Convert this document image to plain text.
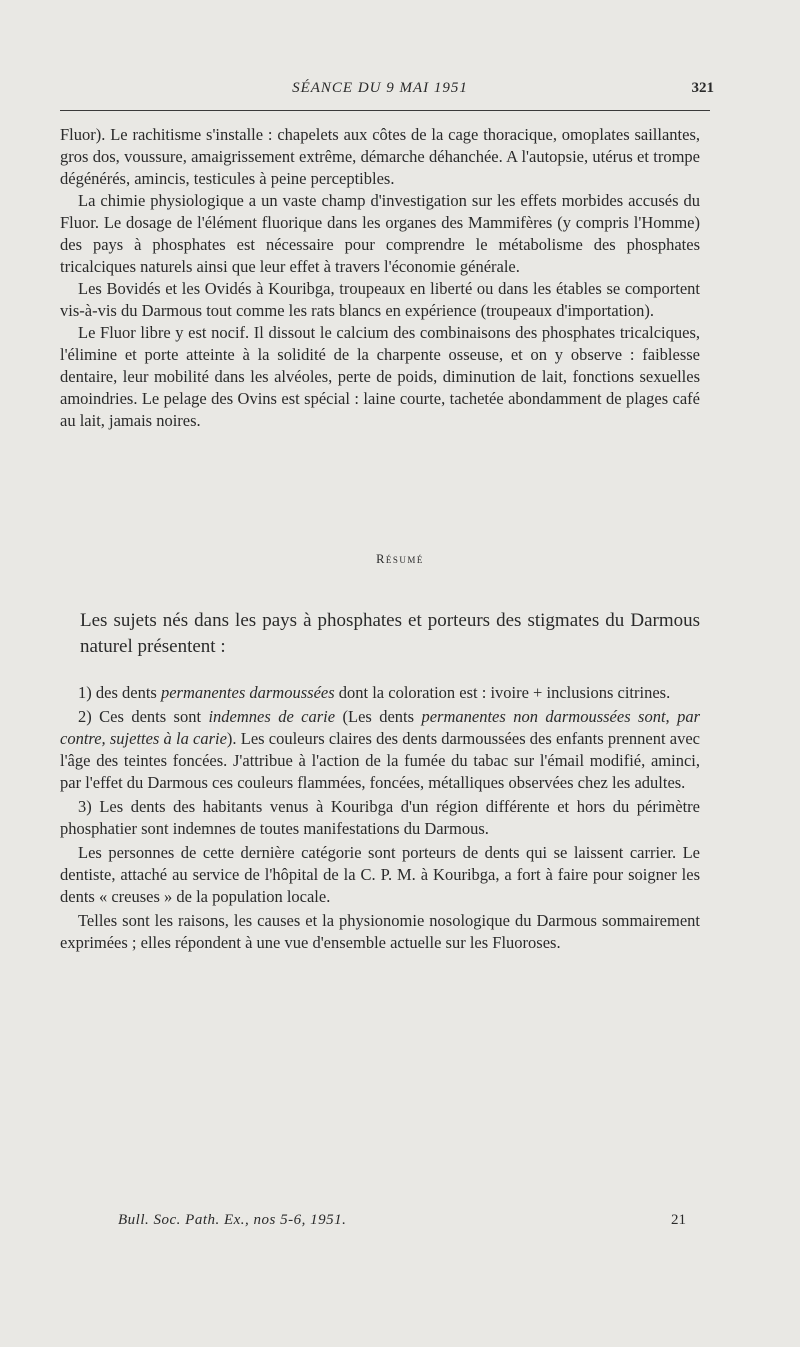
SÉANCE DU 9 MAI 1951	321

Fluor). Le rachitisme s'installe : chapelets aux côtes de la cage thoracique, omoplates saillantes, gros dos, voussure, amaigrissement extrême, démarche déhanchée. A l'autopsie, utérus et trompe dégénérés, amincis, testicules à peine perceptibles.

La chimie physiologique a un vaste champ d'investigation sur les effets morbides accusés du Fluor. Le dosage de l'élément fluorique dans les organes des Mammifères (y compris l'Homme) des pays à phosphates est nécessaire pour comprendre le métabolisme des phosphates tricalciques naturels ainsi que leur effet à travers l'économie générale.

Les Bovidés et les Ovidés à Kouribga, troupeaux en liberté ou dans les étables se comportent vis-à-vis du Darmous tout comme les rats blancs en expérience (troupeaux d'importation).

Le Fluor libre y est nocif. Il dissout le calcium des combinaisons des phosphates tricalciques, l'élimine et porte atteinte à la solidité de la charpente osseuse, et on y observe : faiblesse dentaire, leur mobilité dans les alvéoles, perte de poids, diminution de lait, fonctions sexuelles amoindries. Le pelage des Ovins est spécial : laine courte, tachetée abondamment de plages café au lait, jamais noires.

Résumé
Les sujets nés dans les pays à phosphates et porteurs des stigmates du Darmous naturel présentent :

1) des dents permanentes darmoussées dont la coloration est : ivoire + inclusions citrines.

2) Ces dents sont indemnes de carie (Les dents permanentes non darmoussées sont, par contre, sujettes à la carie). Les couleurs claires des dents darmoussées des enfants prennent avec l'âge des teintes foncées. J'attribue à l'action de la fumée du tabac sur l'émail modifié, aminci, par l'effet du Darmous ces couleurs flammées, foncées, métalliques observées chez les adultes.

3) Les dents des habitants venus à Kouribga d'un région différente et hors du périmètre phosphatier sont indemnes de toutes manifestations du Darmous.

Les personnes de cette dernière catégorie sont porteurs de dents qui se laissent carrier. Le dentiste, attaché au service de l'hôpital de la C. P. M. à Kouribga, a fort à faire pour soigner les dents « creuses » de la population locale.

Telles sont les raisons, les causes et la physionomie nosologique du Darmous sommairement exprimées ; elles répondent à une vue d'ensemble actuelle sur les Fluoroses.

Bull. Soc. Path. Ex., nos 5-6, 1951.	21
